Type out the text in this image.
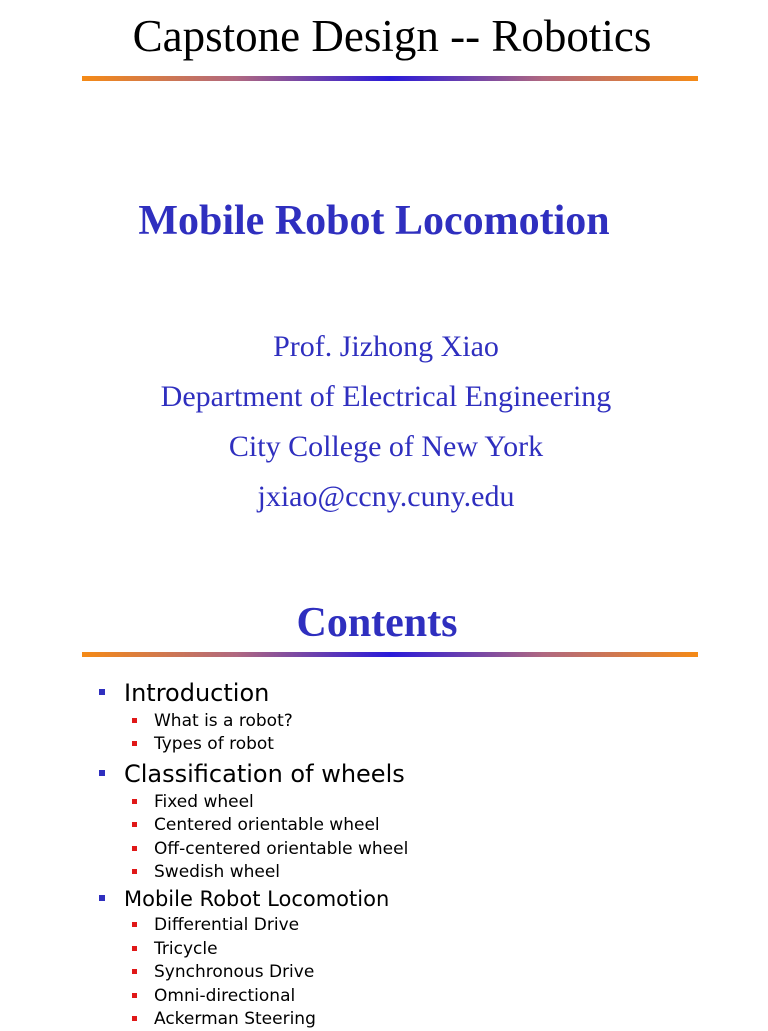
Capstone Design -- Robotics
Mobile Robot Locomotion
Prof. Jizhong Xiao
Department of Electrical Engineering
City College of New York
jxiao@ccny.cuny.edu
Contents
Introduction
What is a robot?
Types of robot
Classification of wheels
Fixed wheel
Centered orientable wheel
Off-centered orientable wheel
Swedish wheel
Mobile Robot Locomotion
Differential Drive
Tricycle
Synchronous Drive
Omni-directional
Ackerman Steering
